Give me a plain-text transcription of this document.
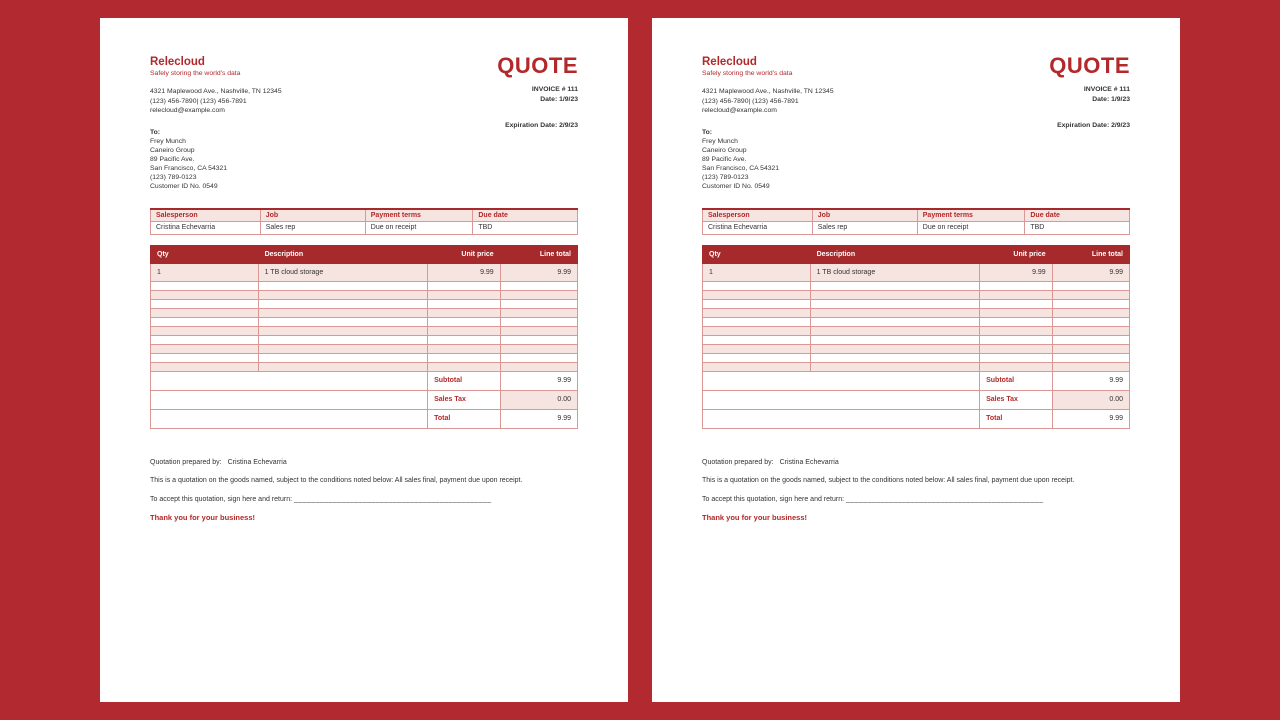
Relecloud
Safely storing the world's data
4321 Maplewood Ave., Nashville, TN 12345
(123) 456-7890| (123) 456-7891
relecloud@example.com
To:
Frey Munch
Caneiro Group
89 Pacific Ave.
San Francisco, CA 54321
(123) 789-0123
Customer ID No. 0549
QUOTE
INVOICE # 111
Date: 1/9/23
Expiration Date: 2/9/23
Salesperson	Job	Payment terms	Due date
Cristina Echevarria	Sales rep	Due on receipt	TBD
Qty	Description	Unit price	Line total
1	1 TB cloud storage	9.99	9.99

		Subtotal	9.99
		Sales Tax	0.00
		Total	9.99

Quotation prepared by: Cristina Echevarria

This is a quotation on the goods named, subject to the conditions noted below: All sales final, payment due upon receipt.

To accept this quotation, sign here and return: ______________________________________________

Thank you for your business!

Relecloud
Safely storing the world's data
4321 Maplewood Ave., Nashville, TN 12345
(123) 456-7890| (123) 456-7891
relecloud@example.com
To:
Frey Munch
Caneiro Group
89 Pacific Ave.
San Francisco, CA 54321
(123) 789-0123
Customer ID No. 0549
QUOTE
INVOICE # 111
Date: 1/9/23
Expiration Date: 2/9/23
Salesperson	Job	Payment terms	Due date
Cristina Echevarria	Sales rep	Due on receipt	TBD
Qty	Description	Unit price	Line total
1	1 TB cloud storage	9.99	9.99

		Subtotal	9.99
		Sales Tax	0.00
		Total	9.99

Quotation prepared by: Cristina Echevarria

This is a quotation on the goods named, subject to the conditions noted below: All sales final, payment due upon receipt.

To accept this quotation, sign here and return: ______________________________________________

Thank you for your business!
